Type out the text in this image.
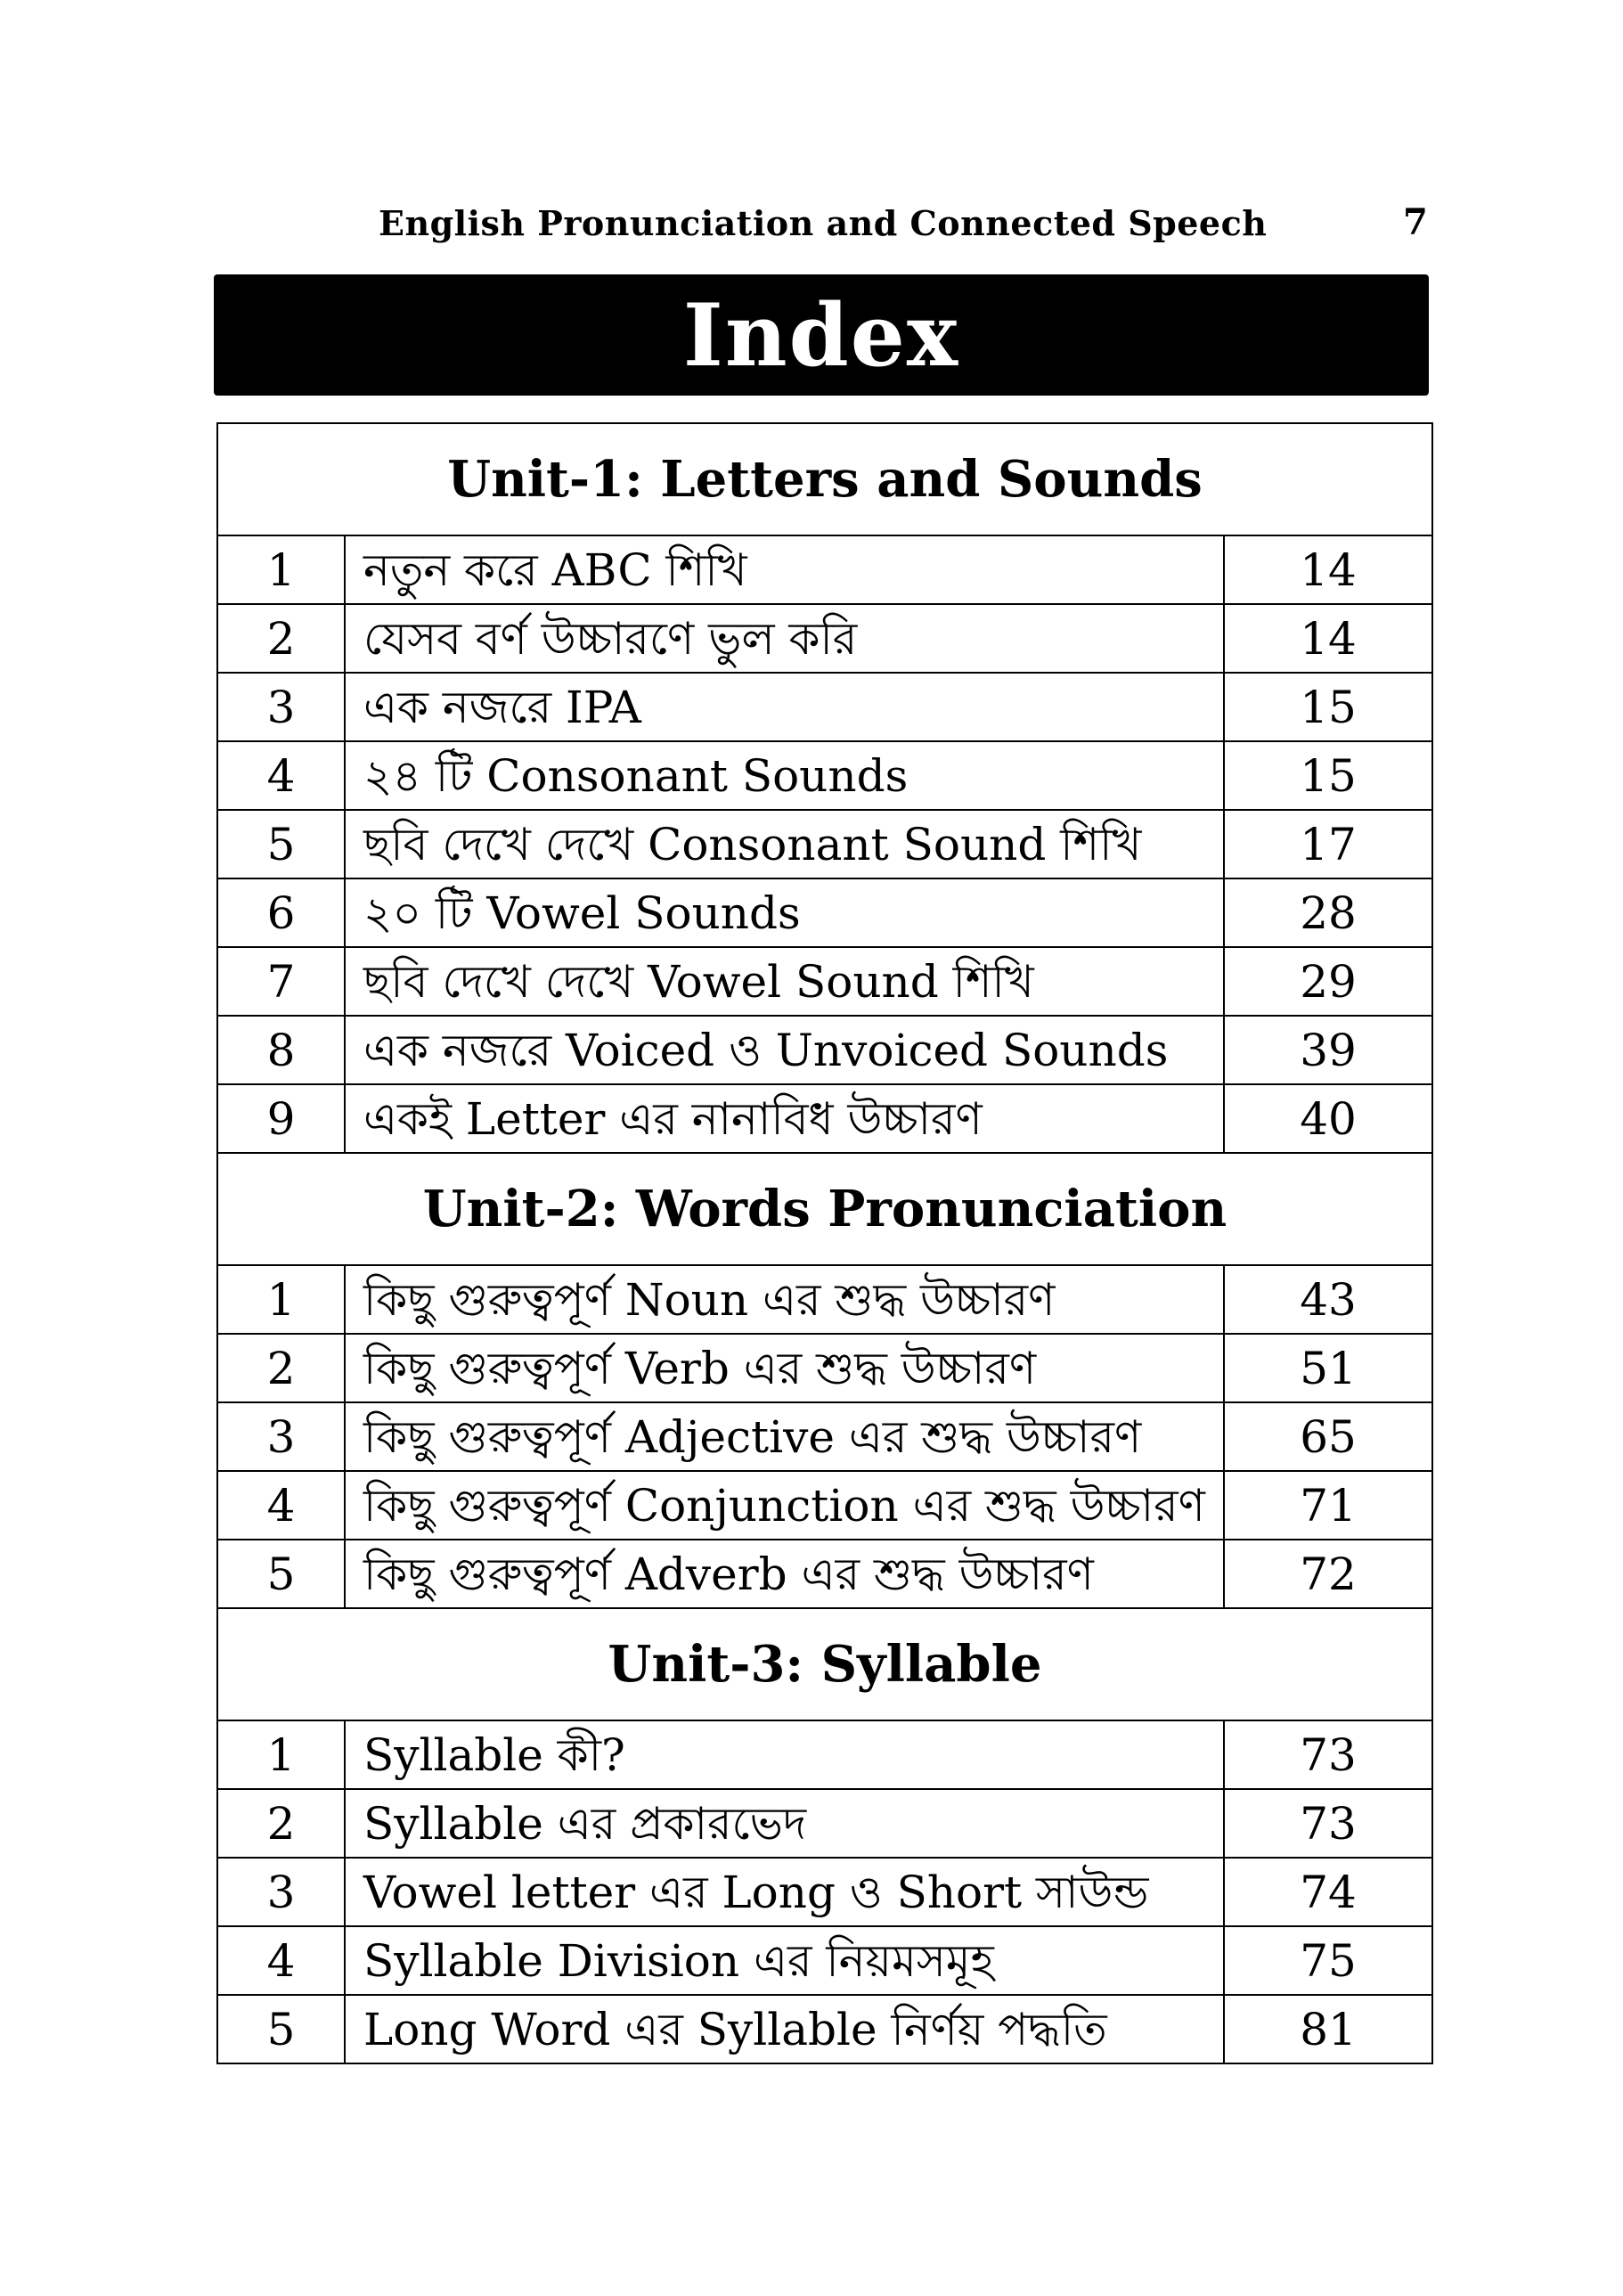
English Pronunciation and Connected Speech	7
Index
Unit-1: Letters and Sounds		
1	নতুন করে ABC শিখি	14
2	যেসব বর্ণ উচ্চারণে ভুল করি	14
3	এক নজরে IPA	15
4	২৪ টি Consonant Sounds	15
5	ছবি দেখে দেখে Consonant Sound শিখি	17
6	২০ টি Vowel Sounds	28
7	ছবি দেখে দেখে Vowel Sound শিখি	29
8	এক নজরে Voiced ও Unvoiced Sounds	39
9	একই Letter এর নানাবিধ উচ্চারণ	40
Unit-2: Words Pronunciation		
1	কিছু গুরুত্বপূর্ণ Noun এর শুদ্ধ উচ্চারণ	43
2	কিছু গুরুত্বপূর্ণ Verb এর শুদ্ধ উচ্চারণ	51
3	কিছু গুরুত্বপূর্ণ Adjective এর শুদ্ধ উচ্চারণ	65
4	কিছু গুরুত্বপূর্ণ Conjunction এর শুদ্ধ উচ্চারণ	71
5	কিছু গুরুত্বপূর্ণ Adverb এর শুদ্ধ উচ্চারণ	72
Unit-3: Syllable		
1	Syllable কী?	73
2	Syllable এর প্রকারভেদ	73
3	Vowel letter এর Long ও Short সাউন্ড	74
4	Syllable Division এর নিয়মসমূহ	75
5	Long Word এর Syllable নির্ণয় পদ্ধতি	81
